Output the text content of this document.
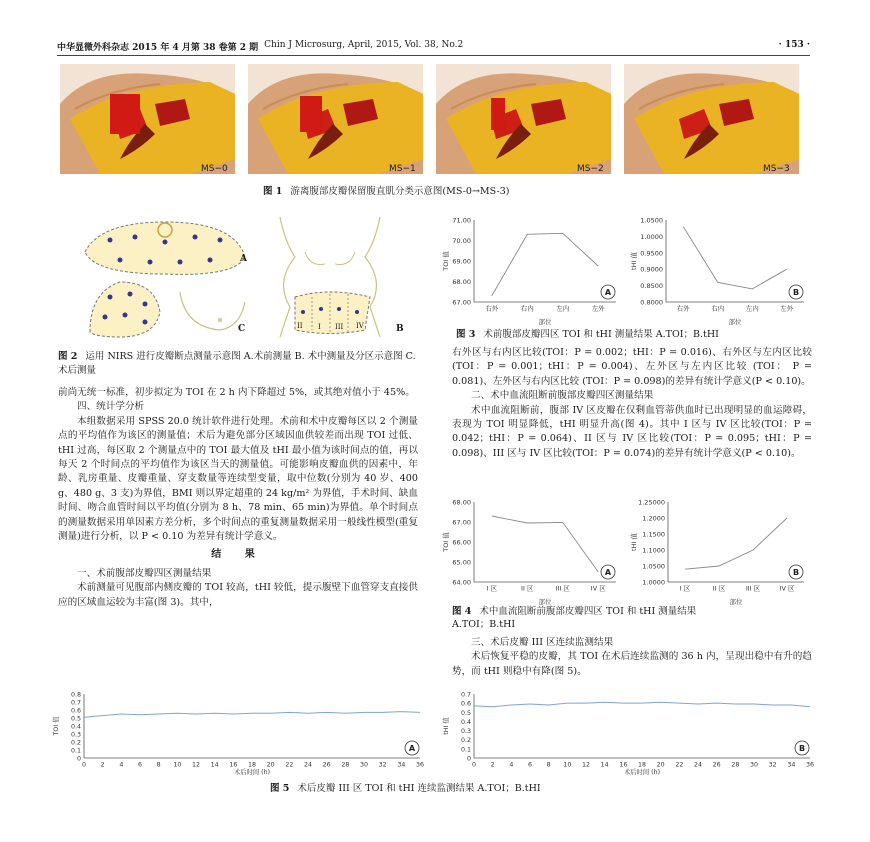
中华显微外科杂志 2015 年 4 月第 38 卷第 2 期 Chin J Microsurg, April, 2015, Vol. 38, No.2	· 153 ·
MS−0	MS−1	MS−2	MS−3
图 1 游离腹部皮瓣保留腹直肌分类示意图(MS-0→MS-3)
A
B
C	II I III IV
图 2 运用 NIRS 进行皮瓣断点测量示意图 A.术前测量 B. 术中测量及分区示意图 C. 术后测量

前尚无统一标准，初步拟定为 TOI 在 2 h 内下降超过 5%，或其绝对值小于 45%。

四、统计学分析

本组数据采用 SPSS 20.0 统计软件进行处理。术前和术中皮瓣每区以 2 个测量点的平均值作为该区的测量值；术后为避免部分区域因血供较差而出现 TOI 过低、tHI 过高，每区取 2 个测量点中的 TOI 最大值及 tHI 最小值为该时间点的值，再以每天 2 个时间点的平均值作为该区当天的测量值。可能影响皮瓣血供的因素中，年龄、乳房重量、皮瓣重量、穿支数量等连续型变量，取中位数(分别为 40 岁、400 g、480 g、3 支)为界值，BMI 则以界定超重的 24 kg/m² 为界值，手术时间、缺血时间、吻合血管时间以平均值(分别为 8 h、78 min、65 min)为界值。单个时间点的测量数据采用单因素方差分析，多个时间点的重复测量数据采用一般线性模型(重复测量)进行分析，以 P < 0.10 为差异有统计学意义。

结 果
一、术前腹部皮瓣四区测量结果

术前测量可见腹部内侧皮瓣的 TOI 较高，tHI 较低，提示腹壁下血管穿支直接供应的区域血运较为丰富(图 3)。其中，

67.00
68.00
69.00
70.00
71.00
右外	右内	左内	左外
TOI 值
部位
A
0.8000
0.8500
0.9000
0.9500
1.0000
1.0500
右外	右内	左内	左外
tHI 值
部位
B
图 3 术前腹部皮瓣四区 TOI 和 tHI 测量结果 A.TOI；B.tHI

右外区与右内区比较(TOI：P = 0.002；tHI：P = 0.016)、右外区与左内区比较(TOI：P = 0.001；tHI：P = 0.004)、左外区与左内区比较 (TOI： P = 0.081)、左外区与右内区比较 (TOI：P = 0.098)的差异有统计学意义(P < 0.10)。

二、术中血流阻断前腹部皮瓣四区测量结果

术中血流阻断前，腹部 IV 区皮瓣在仅剩血管蒂供血时已出现明显的血运障碍，表现为 TOI 明显降低，tHI 明显升高(图 4)。其中 I 区与 IV 区比较(TOI：P = 0.042；tHI：P = 0.064)、II 区与 IV 区比较(TOI：P = 0.095；tHI：P = 0.098)、III 区与 IV 区比较(TOI：P = 0.074)的差异有统计学意义(P < 0.10)。

64.00
65.00
66.00
67.00
68.00
I 区	II 区	III 区	IV 区
TOI 值
部位
A
1.0000
1.0500
1.1000
1.1500
1.2000
1.25000
I 区	II 区	III 区	IV 区
tHI 值
部位
B
图 4 术中血流阻断前腹部皮瓣四区 TOI 和 tHI 测量结果
A.TOI；B.tHI
三、术后皮瓣 III 区连续监测结果

术后恢复平稳的皮瓣，其 TOI 在术后连续监测的 36 h 内，呈现出稳中有升的趋势，而 tHI 则稳中有降(图 5)。

0
0.1
0.2
0.3
0.4
0.5
0.6
0.7
0.8
0 2 4 6 8 10 12 14 16 18 20 22 24 26 28 30 32 34 36
TOI 值
术后时间 (h)
A
0
0.1
0.2
0.3
0.4
0.5
0.6
0.7
0 2 4 6 8 10 12 14 16 18 20 22 24 26 28 30 32 34 36
tHI 值
术后时间 (h)
B
图 5 术后皮瓣 III 区 TOI 和 tHI 连续监测结果 A.TOI；B.tHI
